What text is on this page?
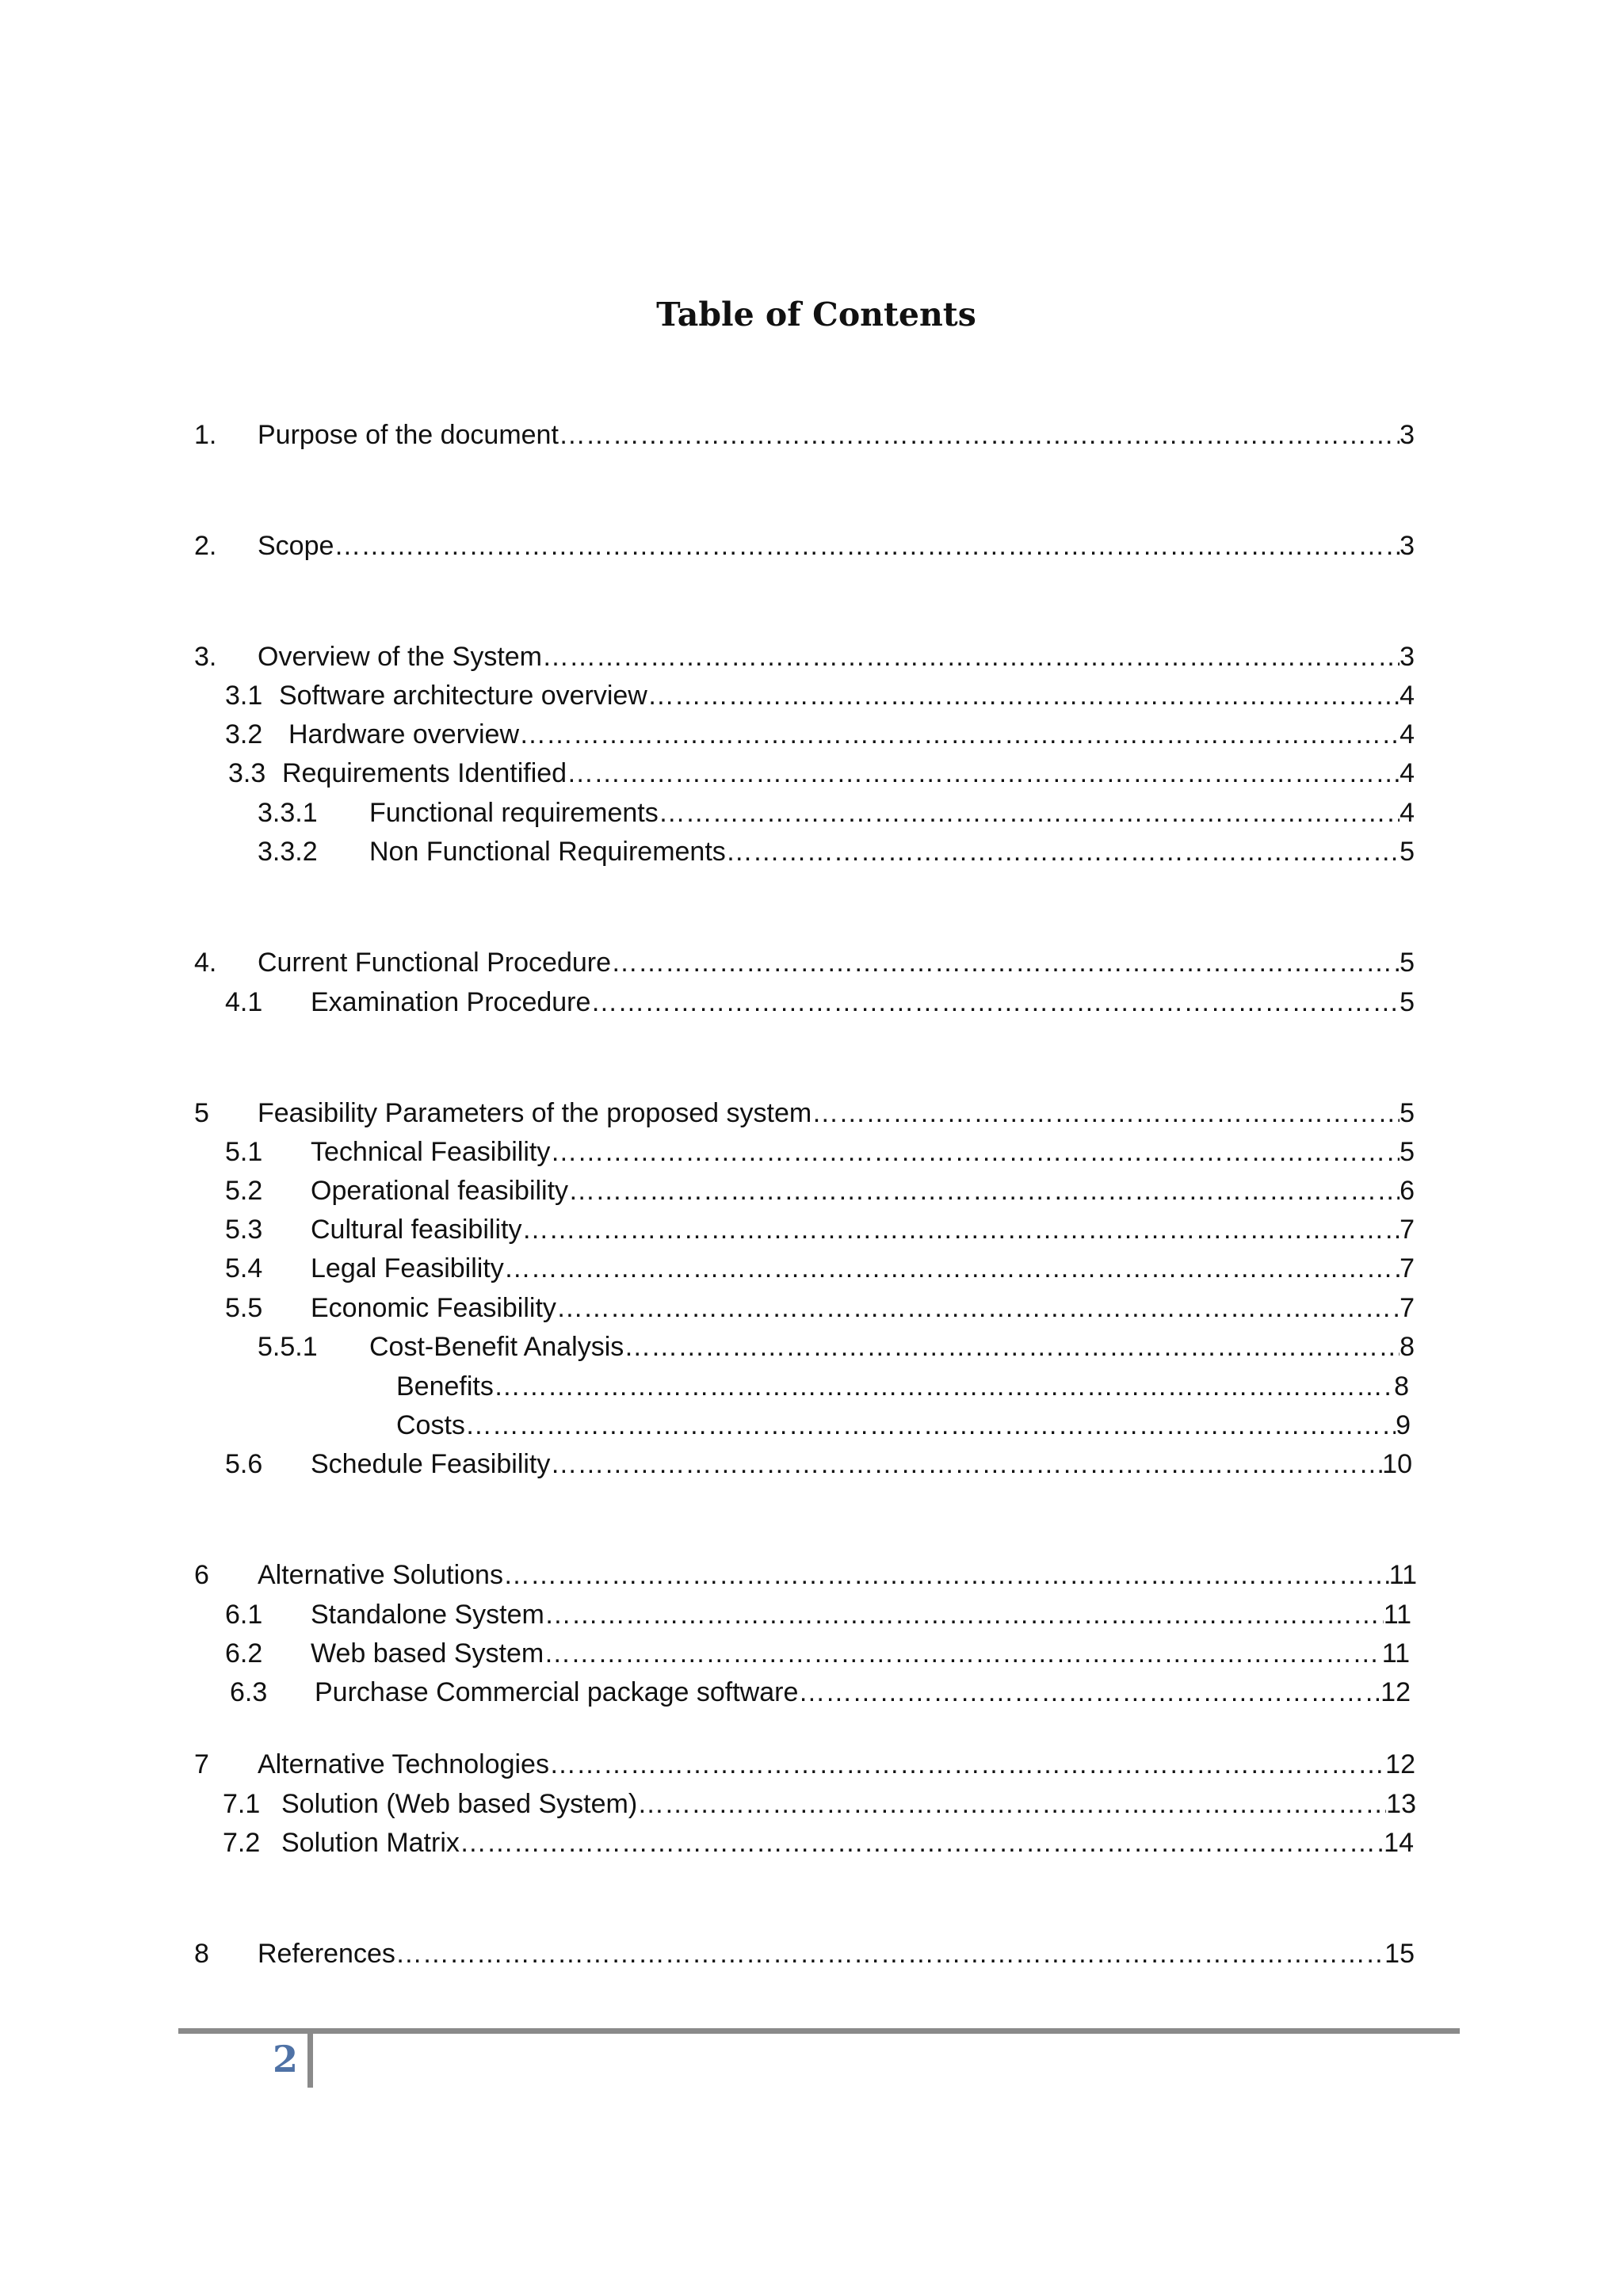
Table of Contents
1.	Purpose of the document …………………………………………………………………………………………………………………………………………………………………………………………………………………………………………………………………………………	3
2.	Scope …………………………………………………………………………………………………………………………………………………………………………………………………………………………………………………………………………………	3
3.	Overview of the System …………………………………………………………………………………………………………………………………………………………………………………………………………………………………………………………………………………	3
3.1 Software architecture overview …………………………………………………………………………………………………………………………………………………………………………………………………………………………………………………………………………………	4
3.2 Hardware overview …………………………………………………………………………………………………………………………………………………………………………………………………………………………………………………………………………………	4
3.3 Requirements Identified …………………………………………………………………………………………………………………………………………………………………………………………………………………………………………………………………………………	4
3.3.1	Functional requirements …………………………………………………………………………………………………………………………………………………………………………………………………………………………………………………………………………………	4
3.3.2	Non Functional Requirements …………………………………………………………………………………………………………………………………………………………………………………………………………………………………………………………………………………	5
4.	Current Functional Procedure …………………………………………………………………………………………………………………………………………………………………………………………………………………………………………………………………………………	5
4.1	Examination Procedure …………………………………………………………………………………………………………………………………………………………………………………………………………………………………………………………………………………	5
5	Feasibility Parameters of the proposed system …………………………………………………………………………………………………………………………………………………………………………………………………………………………………………………………………………………	5
5.1	Technical Feasibility …………………………………………………………………………………………………………………………………………………………………………………………………………………………………………………………………………………	5
5.2	Operational feasibility …………………………………………………………………………………………………………………………………………………………………………………………………………………………………………………………………………………	6
5.3	Cultural feasibility …………………………………………………………………………………………………………………………………………………………………………………………………………………………………………………………………………………	7
5.4	Legal Feasibility …………………………………………………………………………………………………………………………………………………………………………………………………………………………………………………………………………………	7
5.5	Economic Feasibility …………………………………………………………………………………………………………………………………………………………………………………………………………………………………………………………………………………	7
5.5.1	Cost-Benefit Analysis …………………………………………………………………………………………………………………………………………………………………………………………………………………………………………………………………………………	8
Benefits …………………………………………………………………………………………………………………………………………………………………………………………………………………………………………………………………………………	8
Costs …………………………………………………………………………………………………………………………………………………………………………………………………………………………………………………………………………………	9
5.6	Schedule Feasibility …………………………………………………………………………………………………………………………………………………………………………………………………………………………………………………………………………………	10
6	Alternative Solutions …………………………………………………………………………………………………………………………………………………………………………………………………………………………………………………………………………………	11
6.1	Standalone System …………………………………………………………………………………………………………………………………………………………………………………………………………………………………………………………………………………	11
6.2	Web based System …………………………………………………………………………………………………………………………………………………………………………………………………………………………………………………………………………………	11
6.3	Purchase Commercial package software …………………………………………………………………………………………………………………………………………………………………………………………………………………………………………………………………………………	12
7	Alternative Technologies …………………………………………………………………………………………………………………………………………………………………………………………………………………………………………………………………………………	12
7.1 Solution (Web based System) …………………………………………………………………………………………………………………………………………………………………………………………………………………………………………………………………………………	13
7.2 Solution Matrix …………………………………………………………………………………………………………………………………………………………………………………………………………………………………………………………………………………	14
8	References …………………………………………………………………………………………………………………………………………………………………………………………………………………………………………………………………………………	15
2
